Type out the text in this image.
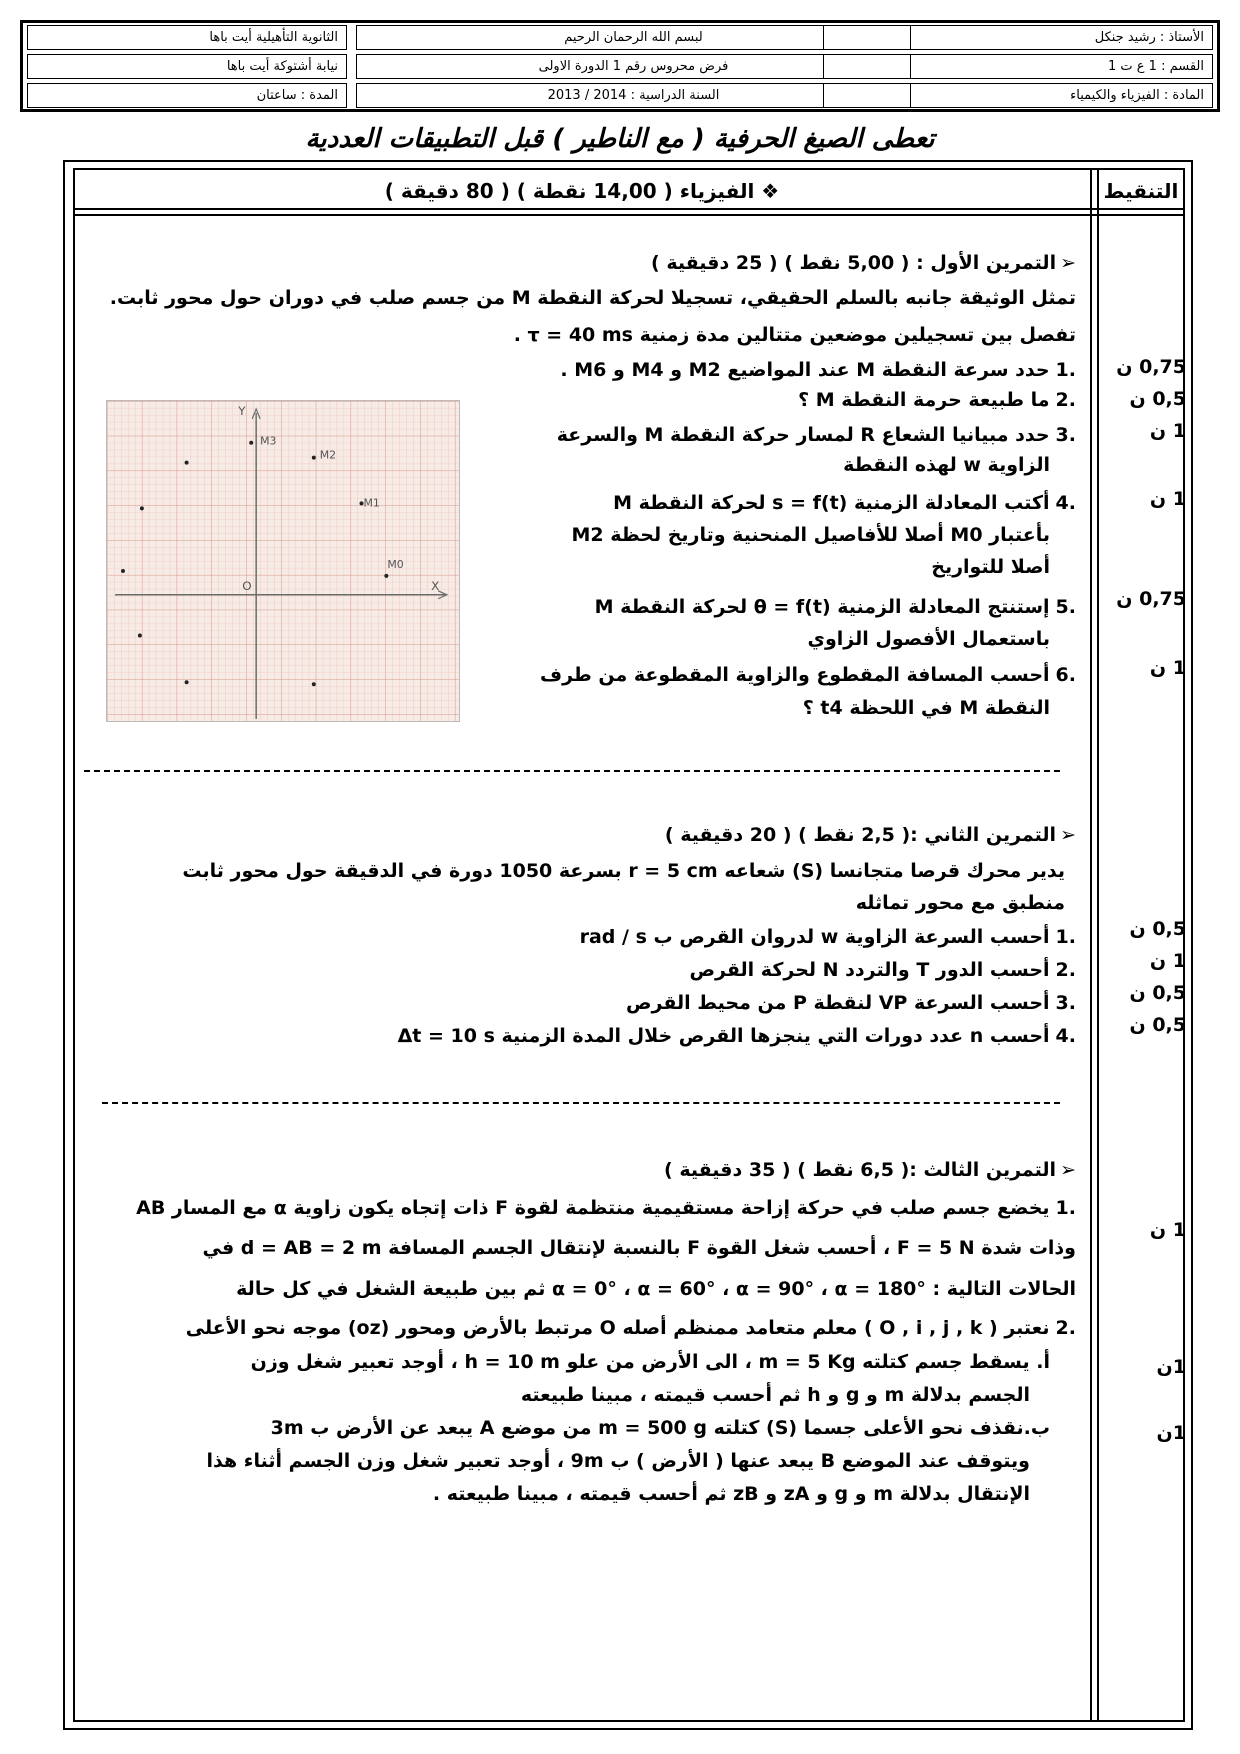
الأستاذ : رشيد جنكل
لبسم الله الرحمان الرحيم
الثانوية التأهيلية أيت باها
القسم : 1 ع ت 1
فرض محروس رقم 1 الدورة الاولى
نيابة أشتوكة أيت باها
المادة : الفيزياء والكيمياء
السنة الدراسية : 2014 / 2013
المدة : ساعتان
تعطى الصيغ الحرفية ( مع الناطير ) قبل التطبيقات العددية
التنقيط
❖ الفيزياء ( 14,00 نقطة ) ( 80 دقيقة )
➢التمرين الأول : ( 5,00 نقط ) ( 25 دقيقية )
تمثل الوثيقة جانبه بالسلم الحقيقي، تسجيلا لحركة النقطة M من جسم صلب في دوران حول محور ثابت.
تفصل بين تسجيلين موضعين متتالين مدة زمنية τ = 40 ms .
.1حدد سرعة النقطة M عند المواضيع M2 و M4 و M6 .
.2ما طبيعة حرمة النقطة M ؟
.3حدد مبيانيا الشعاع R لمسار حركة النقطة M والسرعة
الزاوية w لهذه النقطة
.4أكتب المعادلة الزمنية s = f(t) لحركة النقطة M
بأعتبار M0 أصلا للأفاصيل المنحنية وتاريخ لحظة M2
أصلا للتواريخ
.5إستنتج المعادلة الزمنية θ = f(t) لحركة النقطة M
باستعمال الأفصول الزاوي
.6أحسب المسافة المقطوع والزاوية المقطوعة من طرف
النقطة M في اللحظة t4 ؟
0,75 ن
0,5 ن
1 ن
1 ن
0,75 ن
1 ن
Y
X
O
M0
M1
M2
M3
➢التمرين الثاني :( 2,5 نقط ) ( 20 دقيقية )
يدير محرك قرصا متجانسا (S) شعاعه r = 5 cm بسرعة 1050 دورة في الدقيقة حول محور ثابت
منطبق مع محور تماثله
.1أحسب السرعة الزاوية w لدروان القرص ب rad / s
.2أحسب الدور T والتردد N لحركة القرص
.3أحسب السرعة VP لنقطة P من محيط القرص
.4أحسب n عدد دورات التي ينجزها القرص خلال المدة الزمنية Δt = 10 s
0,5 ن
1 ن
0,5 ن
0,5 ن
➢التمرين الثالث :( 6,5 نقط ) ( 35 دقيقية )
.1يخضع جسم صلب في حركة إزاحة مستقيمية منتظمة لقوة F ذات إتجاه يكون زاوية α مع المسار AB
وذات شدة F = 5 N ، أحسب شغل القوة F بالنسبة لإنتقال الجسم المسافة d = AB = 2 m في
الحالات التالية : α = 0° ، α = 60° ، α = 90° ، α = 180° ثم بين طبيعة الشغل في كل حالة
.2نعتبر ( O , i , j , k ) معلم متعامد ممنظم أصله O مرتبط بالأرض ومحور (oz) موجه نحو الأعلى
أ. يسقط جسم كتلته m = 5 Kg ، الى الأرض من علو h = 10 m ، أوجد تعبير شغل وزن
الجسم بدلالة m و g و h ثم أحسب قيمته ، مبينا طبيعته
ب.نقذف نحو الأعلى جسما (S) كتلته m = 500 g من موضع A يبعد عن الأرض ب 3m
ويتوقف عند الموضع B يبعد عنها ( الأرض ) ب 9m ، أوجد تعبير شغل وزن الجسم أثناء هذا
الإنتقال بدلالة m و g و zA و zB ثم أحسب قيمته ، مبينا طبيعته .
1 ن
1ن
1ن
